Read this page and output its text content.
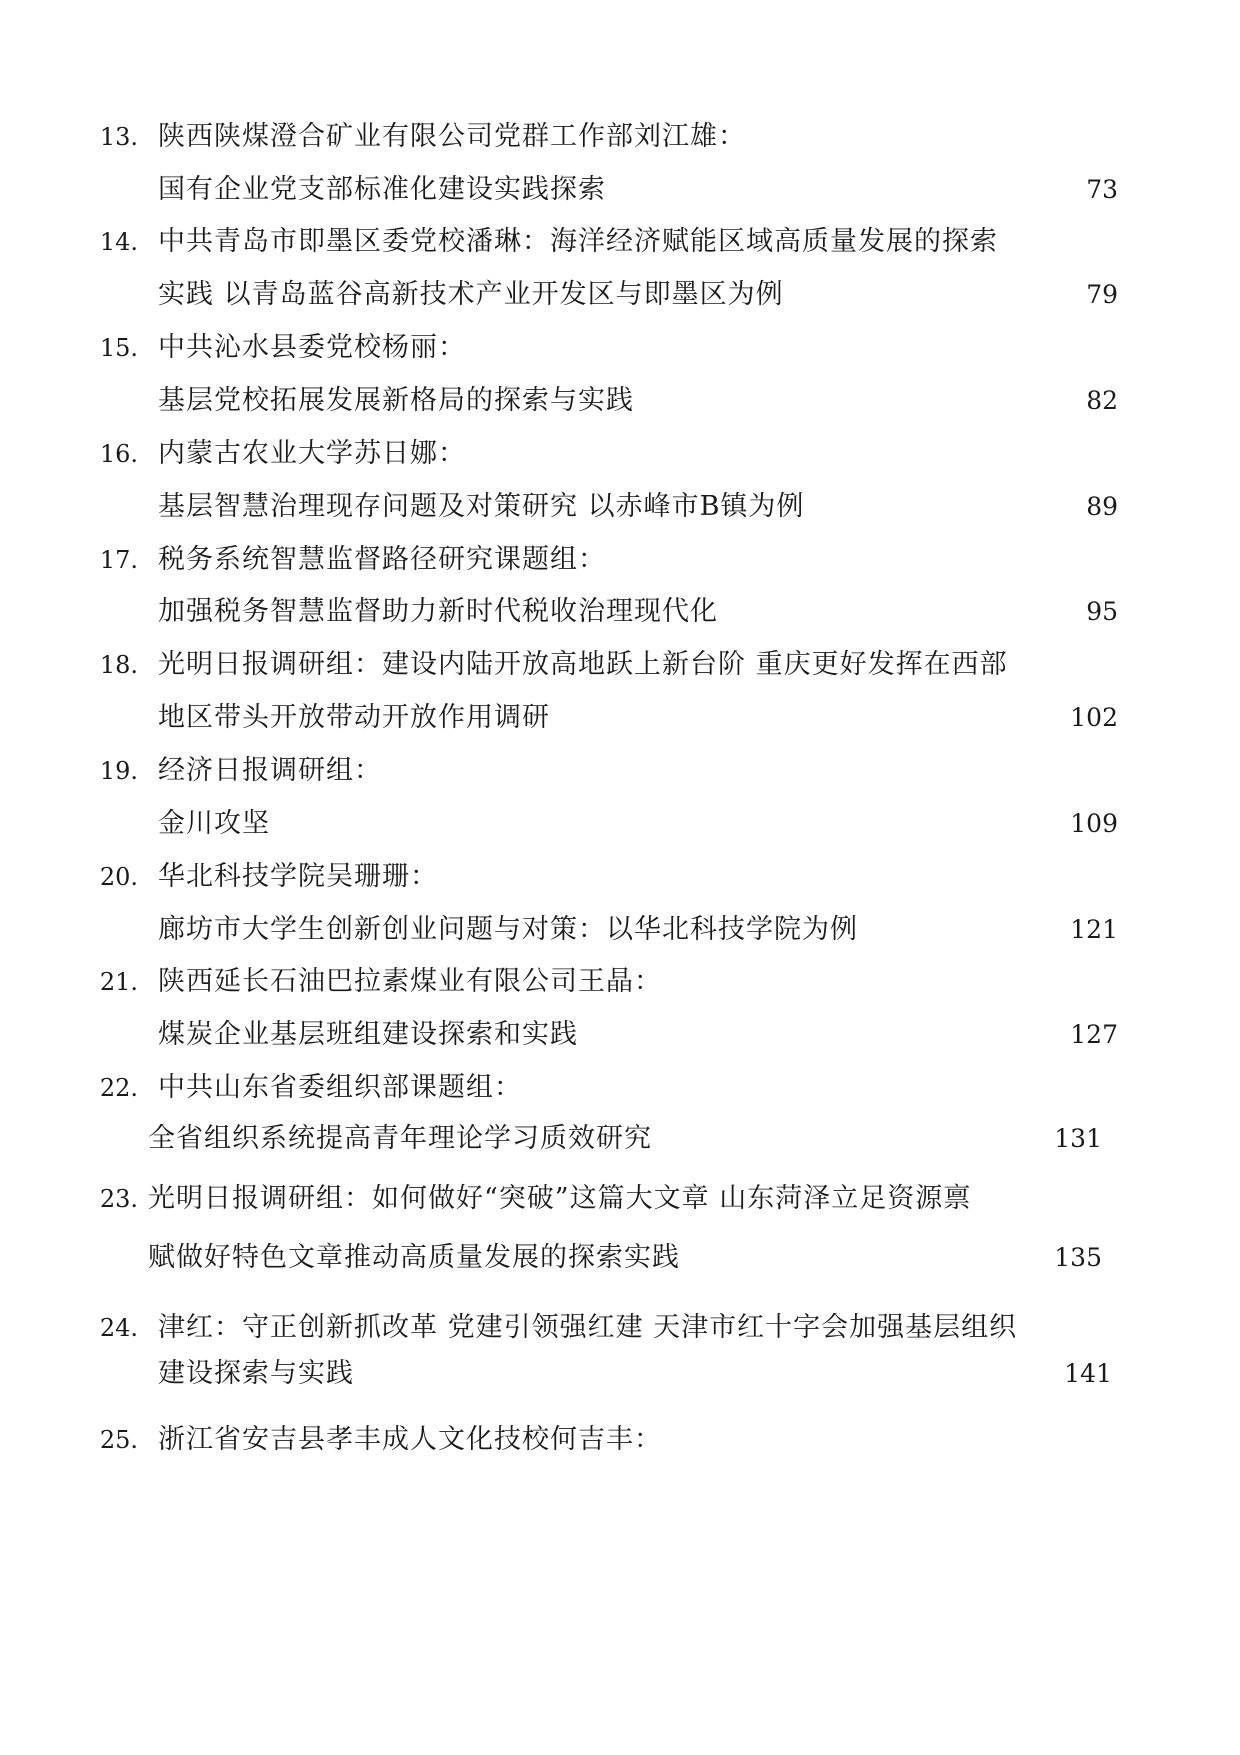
13. 陕西陕煤澄合矿业有限公司党群工作部刘江雄：
国有企业党支部标准化建设实践探索	73
14. 中共青岛市即墨区委党校潘琳：海洋经济赋能区域高质量发展的探索
实践 以青岛蓝谷高新技术产业开发区与即墨区为例	79
15. 中共沁水县委党校杨丽：
基层党校拓展发展新格局的探索与实践	82
16. 内蒙古农业大学苏日娜：
基层智慧治理现存问题及对策研究 以赤峰市B镇为例	89
17. 税务系统智慧监督路径研究课题组：
加强税务智慧监督助力新时代税收治理现代化	95
18. 光明日报调研组：建设内陆开放高地跃上新台阶 重庆更好发挥在西部
地区带头开放带动开放作用调研	102
19. 经济日报调研组：
金川攻坚	109
20. 华北科技学院吴珊珊：
廊坊市大学生创新创业问题与对策：以华北科技学院为例	121
21. 陕西延长石油巴拉素煤业有限公司王晶：
煤炭企业基层班组建设探索和实践	127
22. 中共山东省委组织部课题组：
全省组织系统提高青年理论学习质效研究	131
23. 光明日报调研组：如何做好“突破”这篇大文章 山东菏泽立足资源禀
赋做好特色文章推动高质量发展的探索实践	135
24. 津红：守正创新抓改革 党建引领强红建 天津市红十字会加强基层组织
建设探索与实践	141
25. 浙江省安吉县孝丰成人文化技校何吉丰：
